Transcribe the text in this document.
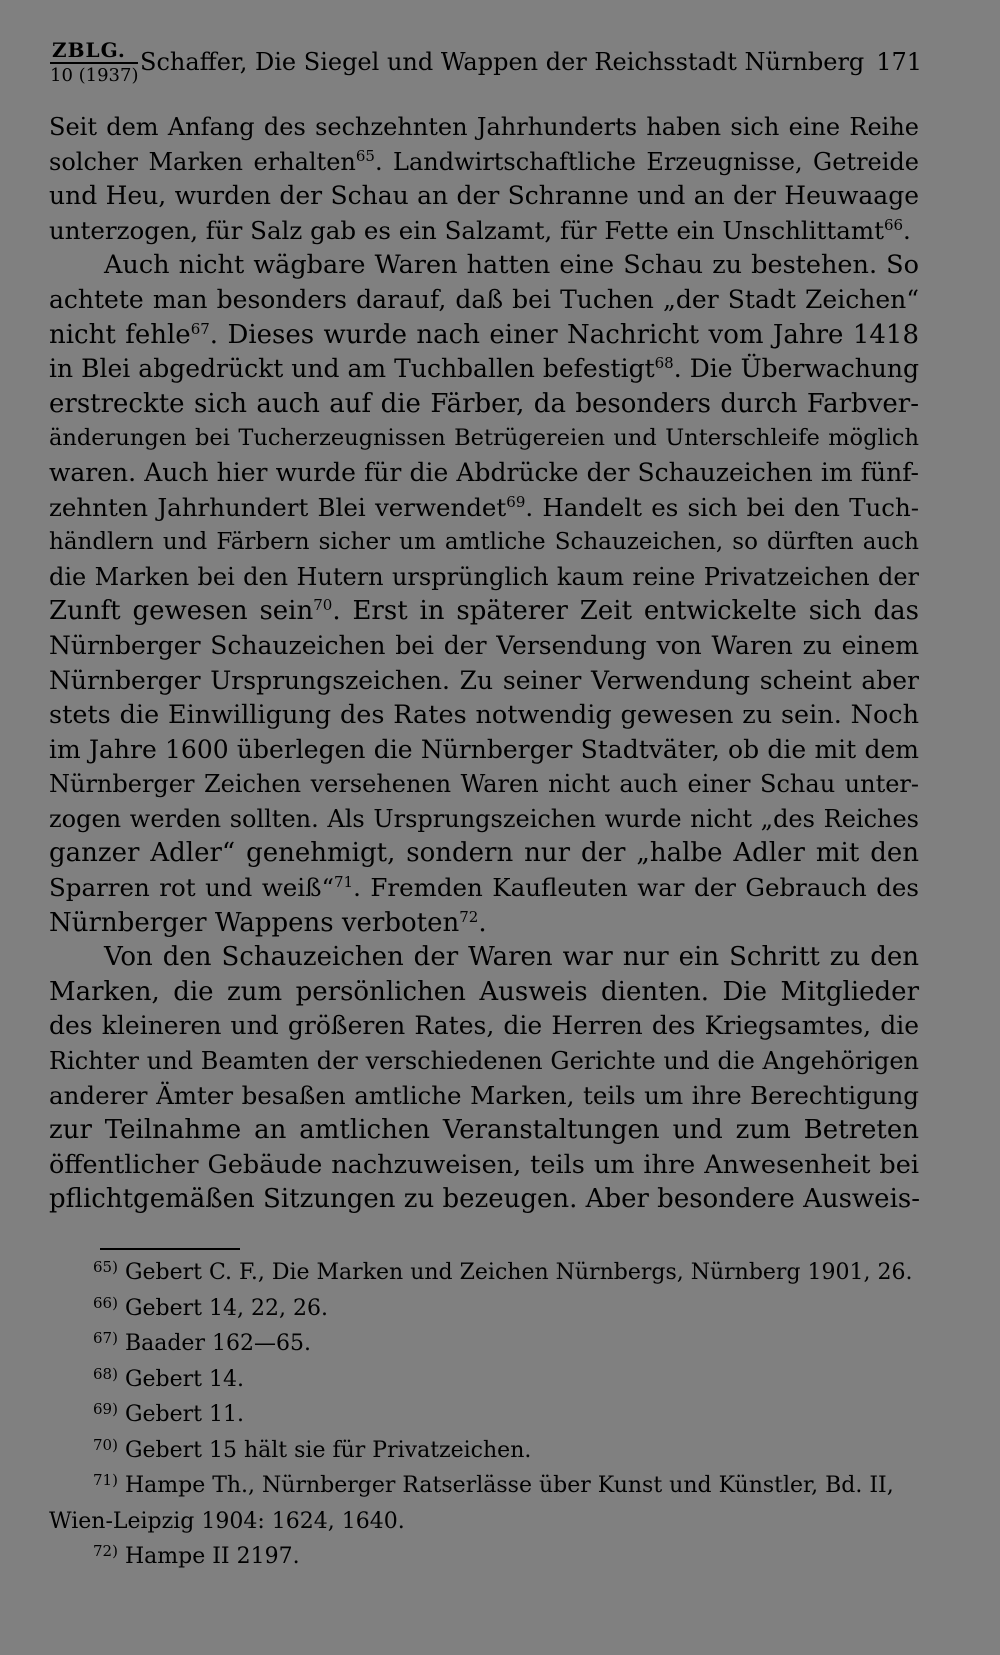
ZBLG.
10 (1937) Schaffer, Die Siegel und Wappen der Reichsstadt Nürnberg 171
Seit dem Anfang des sechzehnten Jahrhunderts haben sich eine Reihe
solcher Marken erhalten$^{65}$. Landwirtschaftliche Erzeugnisse, Getreide
und Heu, wurden der Schau an der Schranne und an der Heuwaage
unterzogen, für Salz gab es ein Salzamt, für Fette ein Unschlittamt$^{66}$.
Auch nicht wägbare Waren hatten eine Schau zu bestehen. So
achtete man besonders darauf, daß bei Tuchen „der Stadt Zeichen“
nicht fehle$^{67}$. Dieses wurde nach einer Nachricht vom Jahre 1418
in Blei abgedrückt und am Tuchballen befestigt$^{68}$. Die Überwachung
erstreckte sich auch auf die Färber, da besonders durch Farbver-
änderungen bei Tucherzeugnissen Betrügereien und Unterschleife möglich
waren. Auch hier wurde für die Abdrücke der Schauzeichen im fünf-
zehnten Jahrhundert Blei verwendet$^{69}$. Handelt es sich bei den Tuch-
händlern und Färbern sicher um amtliche Schauzeichen, so dürften auch
die Marken bei den Hutern ursprünglich kaum reine Privatzeichen der
Zunft gewesen sein$^{70}$. Erst in späterer Zeit entwickelte sich das
Nürnberger Schauzeichen bei der Versendung von Waren zu einem
Nürnberger Ursprungszeichen. Zu seiner Verwendung scheint aber
stets die Einwilligung des Rates notwendig gewesen zu sein. Noch
im Jahre 1600 überlegen die Nürnberger Stadtväter, ob die mit dem
Nürnberger Zeichen versehenen Waren nicht auch einer Schau unter-
zogen werden sollten. Als Ursprungszeichen wurde nicht „des Reiches
ganzer Adler“ genehmigt, sondern nur der „halbe Adler mit den
Sparren rot und weiß“$^{71}$. Fremden Kaufleuten war der Gebrauch des
Nürnberger Wappens verboten$^{72}$.
Von den Schauzeichen der Waren war nur ein Schritt zu den
Marken, die zum persönlichen Ausweis dienten. Die Mitglieder
des kleineren und größeren Rates, die Herren des Kriegsamtes, die
Richter und Beamten der verschiedenen Gerichte und die Angehörigen
anderer Ämter besaßen amtliche Marken, teils um ihre Berechtigung
zur Teilnahme an amtlichen Veranstaltungen und zum Betreten
öffentlicher Gebäude nachzuweisen, teils um ihre Anwesenheit bei
pflichtgemäßen Sitzungen zu bezeugen. Aber besondere Ausweis-
$^{65)}$ Gebert C. F., Die Marken und Zeichen Nürnbergs, Nürnberg 1901, 26.
$^{66)}$ Gebert 14, 22, 26.
$^{67)}$ Baader 162—65.
$^{68)}$ Gebert 14.
$^{69)}$ Gebert 11.
$^{70)}$ Gebert 15 hält sie für Privatzeichen.
$^{71)}$ Hampe Th., Nürnberger Ratserlässe über Kunst und Künstler, Bd. II,
Wien-Leipzig 1904: 1624, 1640.
$^{72)}$ Hampe II 2197.
